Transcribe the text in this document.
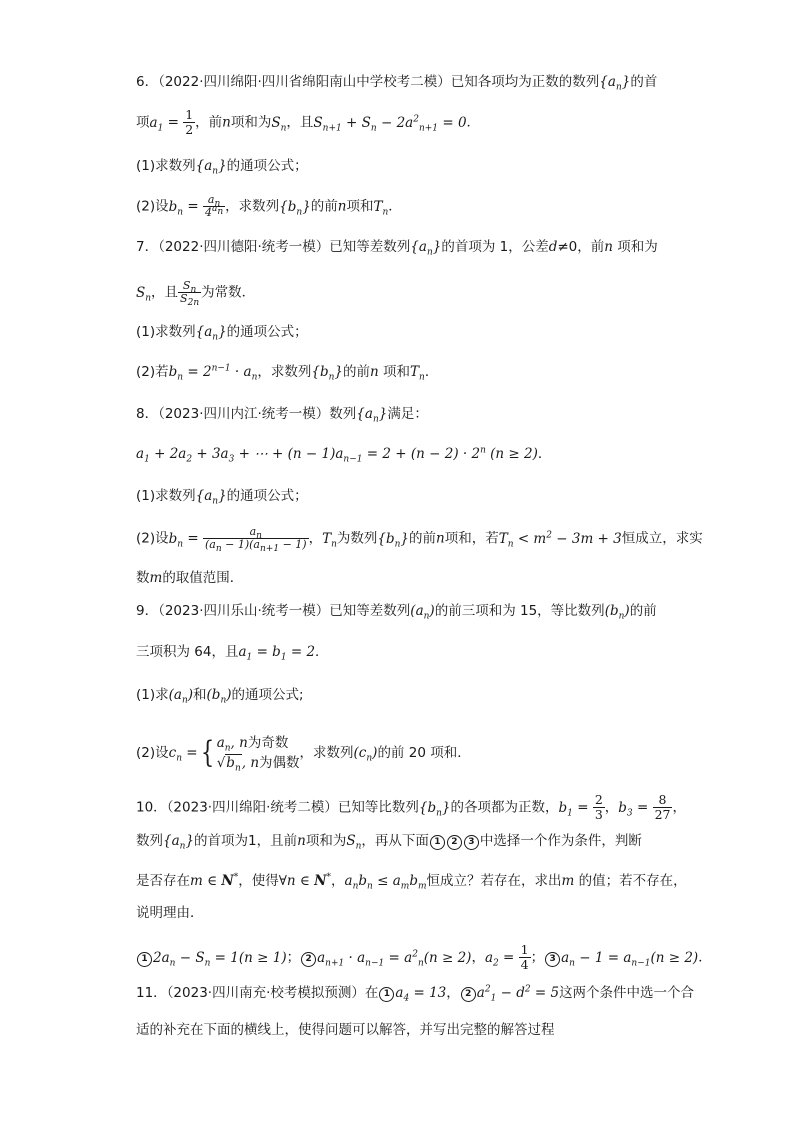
6．（2022·四川绵阳·四川省绵阳南山中学校考二模）已知各项均为正数的数列$\{a_n\}$的首
项$a_1 = \frac{1}{2}$ ，前n项和为$S_n$，且$S_{n+1} + S_n - 2a^2_{n+1} = 0$．
(1)求数列$\{a_n\}$的通项公式；
(2)设$b_n = \frac{a_n}{4^{a_n}}$ ，求数列$\{b_n\}$的前n项和$T_n$．
7．（2022·四川德阳·统考一模）已知等差数列$\{a_n\}$的首项为 1，公差d≠0，前n 项和为
$S_n$，且 $\frac{S_n}{S_{2n}}$ 为常数．
(1)求数列$\{a_n\}$的通项公式；
(2)若$b_n = 2^{n-1} \cdot a_n$，求数列$\{b_n\}$的前n 项和$T_n$．
8．（2023·四川内江·统考一模）数列$\{a_n\}$满足：
$a_1 + 2a_2 + 3a_3$ + ⋯ + $(n - 1)a_{n-1} = 2 + (n - 2) \cdot 2^n$ (n ≥ 2)．
(1)求数列$\{a_n\}$的通项公式；
(2)设$b_n = \frac{a_n}{(a_n - 1)(a_{n+1} - 1)}$ ，$T_n$为数列$\{b_n\}$的前n项和，若$T_n < m^2 - 3m + 3$恒成立，求实
数m的取值范围．
9．（2023·四川乐山·统考一模）已知等差数列$(a_n)$的前三项和为 15，等比数列$(b_n)$的前
三项积为 64，且$a_1 = b_1 = 2$．
(1)求$(a_n)$和$(b_n)$的通项公式;
(2)设$c_n$ ={ $a_n$, n为奇数
$√b_n$, n为偶数
，求数列$(c_n)$的前 20 项和．
10．（2023·四川绵阳·统考二模）已知等比数列$\{b_n\}$的各项都为正数，$b_1 = \frac{2}{3}$ ，$b_3 = \frac{8}{27}$ ，
数列$\{a_n\}$的首项为1，且前n项和为$S_n$，再从下面 1 2 3 中选择一个作为条件，判断
是否存在m ∈ N*，使得∀n ∈ N*，$a_nb_n \le a_mb_m$恒成立？若存在，求出m 的值；若不存在，
说明理由．
1 $2a_n - S_n = 1(n \ge 1)$； 2 $a_{n+1} \cdot a_{n-1} = a^2_n(n \ge 2)$，$a_2 = \frac{1}{4}$ ； 3 $a_n - 1 = a_{n-1}(n \ge 2)$．
11．（2023·四川南充·校考模拟预测）在 1 $a_4 = 13$， 2 $a^2_1 - d^2 = 5$这两个条件中选一个合
适的补充在下面的横线上，使得问题可以解答，并写出完整的解答过程
